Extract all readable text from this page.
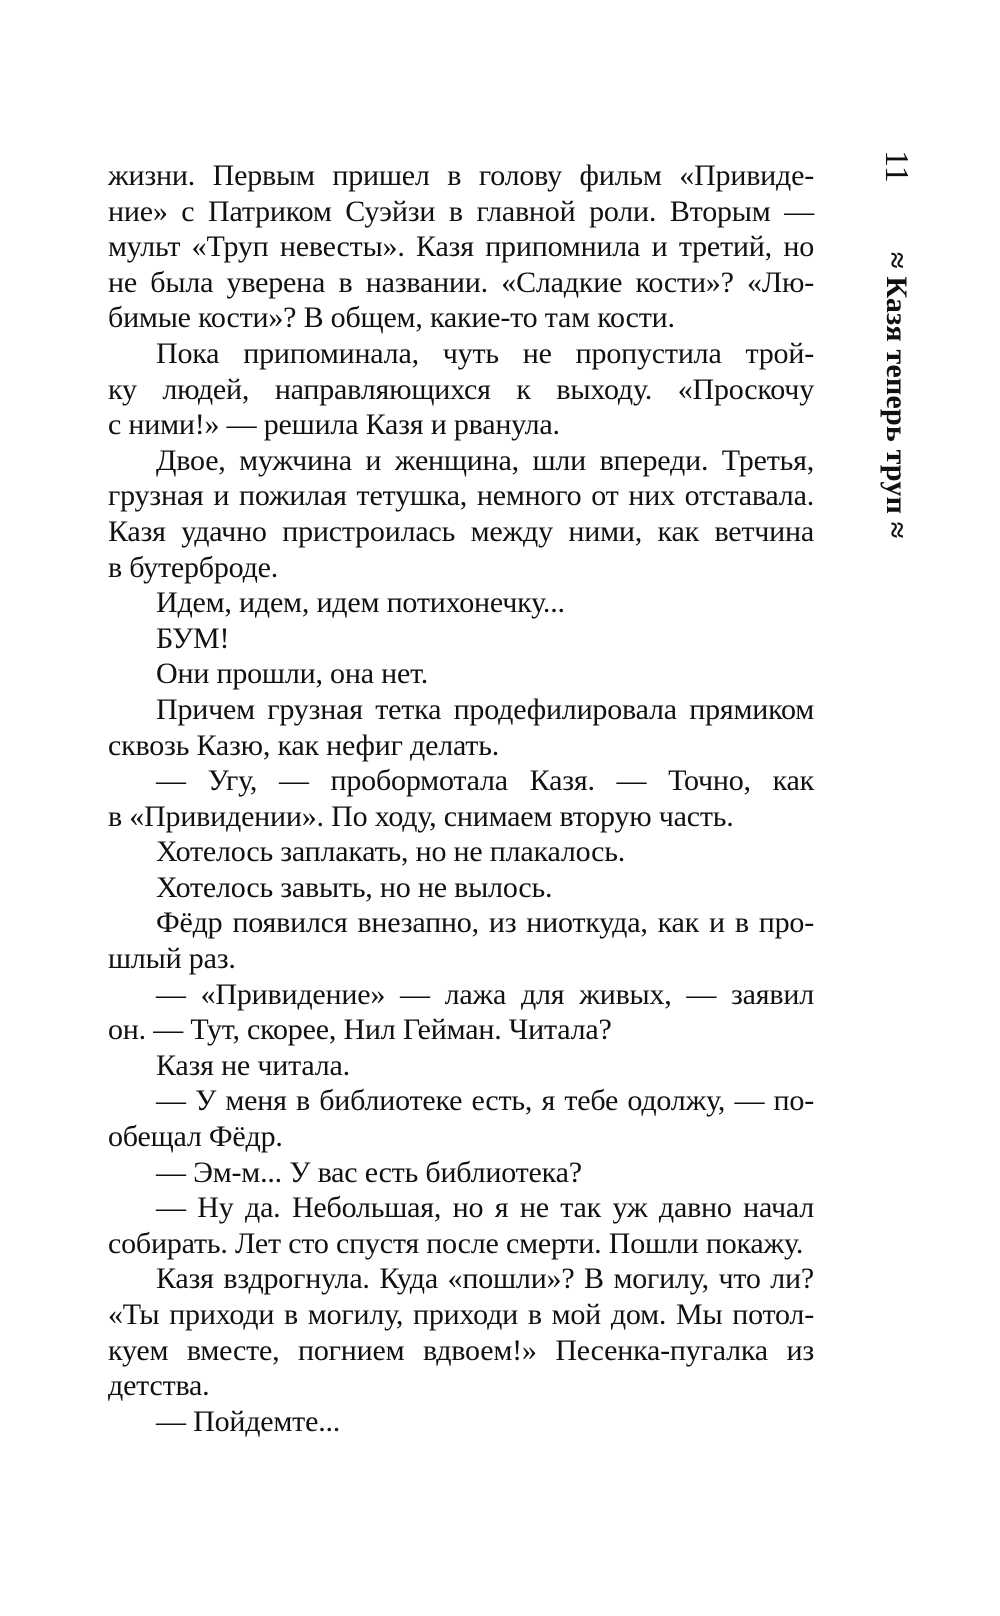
жизни. Первым пришел в голову фильм «Привиде-
ние» с Патриком Суэйзи в главной роли. Вторым —
мульт «Труп невесты». Казя припомнила и третий, но
не была уверена в названии. «Сладкие кости»? «Лю-
бимые кости»? В общем, какие-то там кости.
Пока припоминала, чуть не пропустила трой-
ку людей, направляющихся к выходу. «Проскочу
с ними!» — решила Казя и рванула.
Двое, мужчина и женщина, шли впереди. Третья,
грузная и пожилая тетушка, немного от них отставала.
Казя удачно пристроилась между ними, как ветчина
в бутерброде.
Идем, идем, идем потихонечку...
БУМ!
Они прошли, она нет.
Причем грузная тетка продефилировала прямиком
сквозь Казю, как нефиг делать.
— Угу, — пробормотала Казя. — Точно, как
в «Привидении». По ходу, снимаем вторую часть.
Хотелось заплакать, но не плакалось.
Хотелось завыть, но не вылось.
Фёдр появился внезапно, из ниоткуда, как и в про-
шлый раз.
— «Привидение» — лажа для живых, — заявил
он. — Тут, скорее, Нил Гейман. Читала?
Казя не читала.
— У меня в библиотеке есть, я тебе одолжу, — по-
обещал Фёдр.
— Эм-м... У вас есть библиотека?
— Ну да. Небольшая, но я не так уж давно начал
собирать. Лет сто спустя после смерти. Пошли покажу.
Казя вздрогнула. Куда «пошли»? В могилу, что ли?
«Ты приходи в могилу, приходи в мой дом. Мы потол-
куем вместе, погнием вдвоем!» Песенка-пугалка из
детства.
— Пойдемте...
11
≈ Казя теперь труп ≈
